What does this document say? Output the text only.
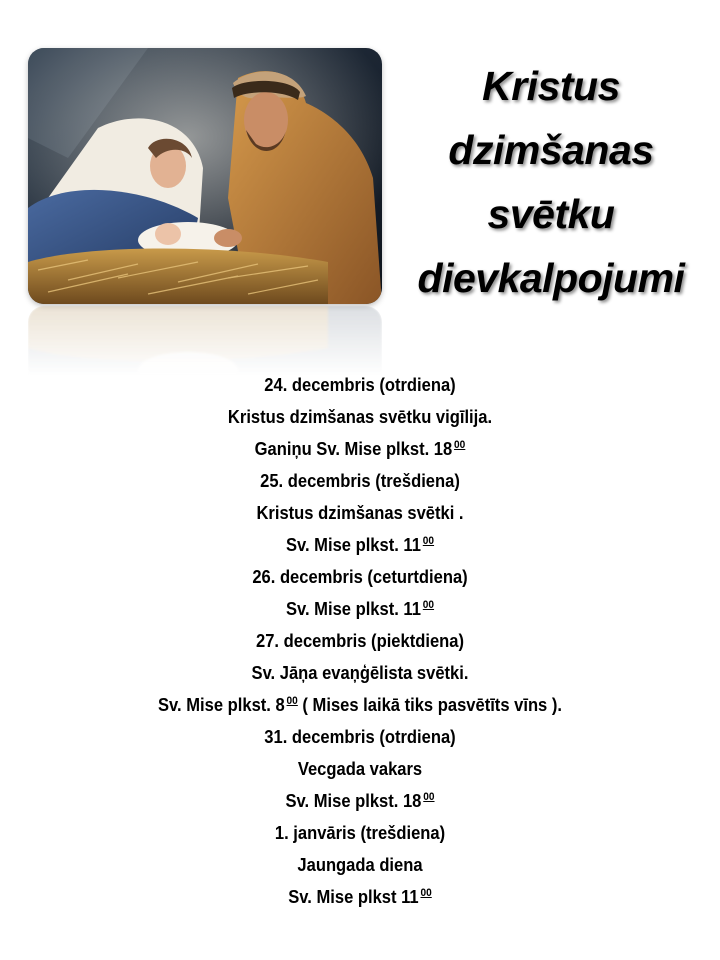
Kristus
dzimšanas
svētku
dievkalpojumi
24. decembris (otrdiena)
Kristus dzimšanas svētku vigīlija.
Ganiņu Sv. Mise plkst. 18 $^{00}$
25. decembris (trešdiena)
Kristus dzimšanas svētki .
Sv. Mise plkst. 11 $^{00}$
26. decembris (ceturtdiena)
Sv. Mise plkst. 11 $^{00}$
27. decembris (piektdiena)
Sv. Jāņa evaņģēlista svētki.
Sv. Mise plkst. 8 $^{00}$ ( Mises laikā tiks pasvētīts vīns ).
31. decembris (otrdiena)
Vecgada vakars
Sv. Mise plkst. 18 $^{00}$
1. janvāris (trešdiena)
Jaungada diena
Sv. Mise plkst 11 $^{00}$
